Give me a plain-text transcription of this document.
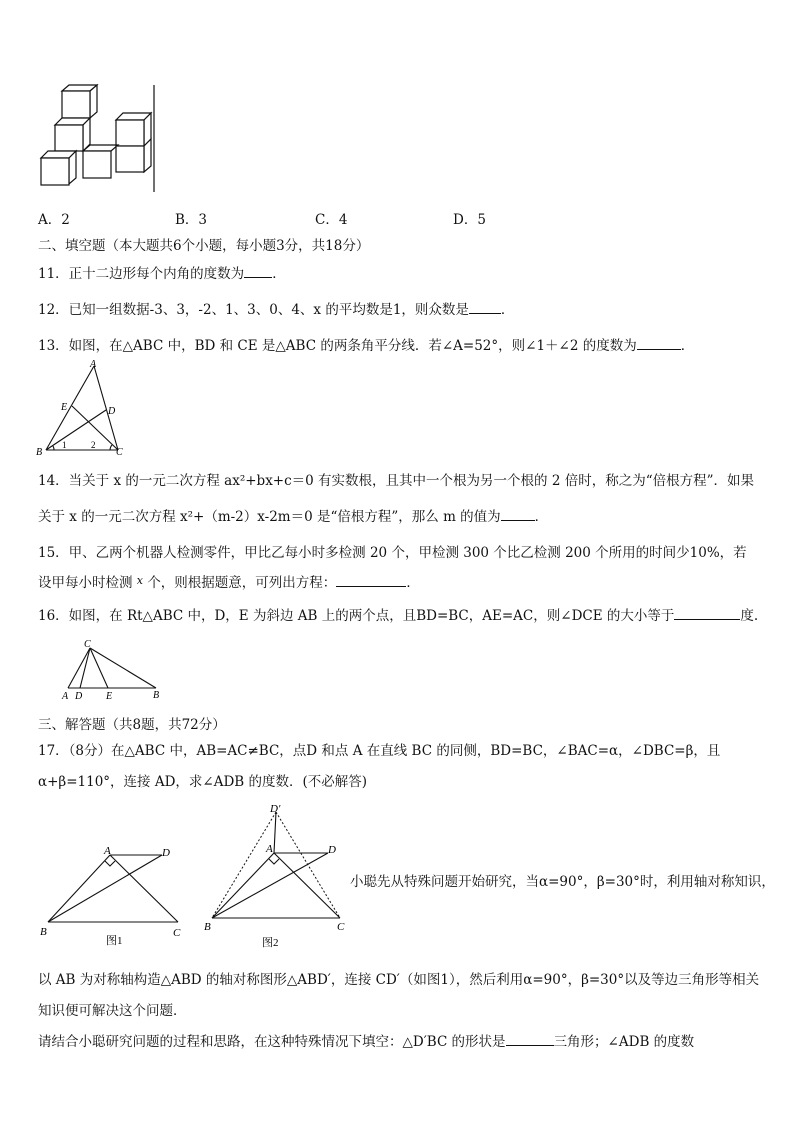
A．2	B．3	C．4	D．5
二、填空题（本大题共6个小题，每小题3分，共18分）
11．正十二边形每个内角的度数为 ．
12．已知一组数据-3、3，-2、1、3、0、4、x 的平均数是1，则众数是 ．
13．如图，在△ABC 中，BD 和 CE 是△ABC 的两条角平分线．若∠A=52°，则∠1＋∠2 的度数为	．
A
E	D
B
1	2
C
14．当关于 x 的一元二次方程 ax²+bx+c＝0 有实数根，且其中一个根为另一个根的 2 倍时，称之为“倍根方程”．如果
关于 x 的一元二次方程 x²+（m-2）x-2m＝0 是“倍根方程”，那么 m 的值为	．
15．甲、乙两个机器人检测零件，甲比乙每小时多检测 20 个，甲检测 300 个比乙检测 200 个所用的时间少10%，若
设甲每小时检测 $^x$ 个，则根据题意，可列出方程：	．
16．如图，在 Rt△ABC 中，D，E 为斜边 AB 上的两个点，且BD=BC，AE=AC，则∠DCE 的大小等于	度.
C
A D E	B
三、解答题（共8题，共72分）
17．（8分）在△ABC 中，AB=AC≠BC，点D 和点 A 在直线 BC 的同侧，BD=BC，∠BAC=α，∠DBC=β，且
α+β=110°，连接 AD，求∠ADB 的度数．(不必解答)
A	D
B	C
图1
D′
A	D
B	C
图2
小聪先从特殊问题开始研究，当α=90°，β=30°时，利用轴对称知识，
以 AB 为对称轴构造△ABD 的轴对称图形△ABD′，连接 CD′（如图1），然后利用α=90°，β=30°以及等边三角形等相关
知识便可解决这个问题．
请结合小聪研究问题的过程和思路，在这种特殊情况下填空：△D′BC 的形状是	三角形；∠ADB 的度数
